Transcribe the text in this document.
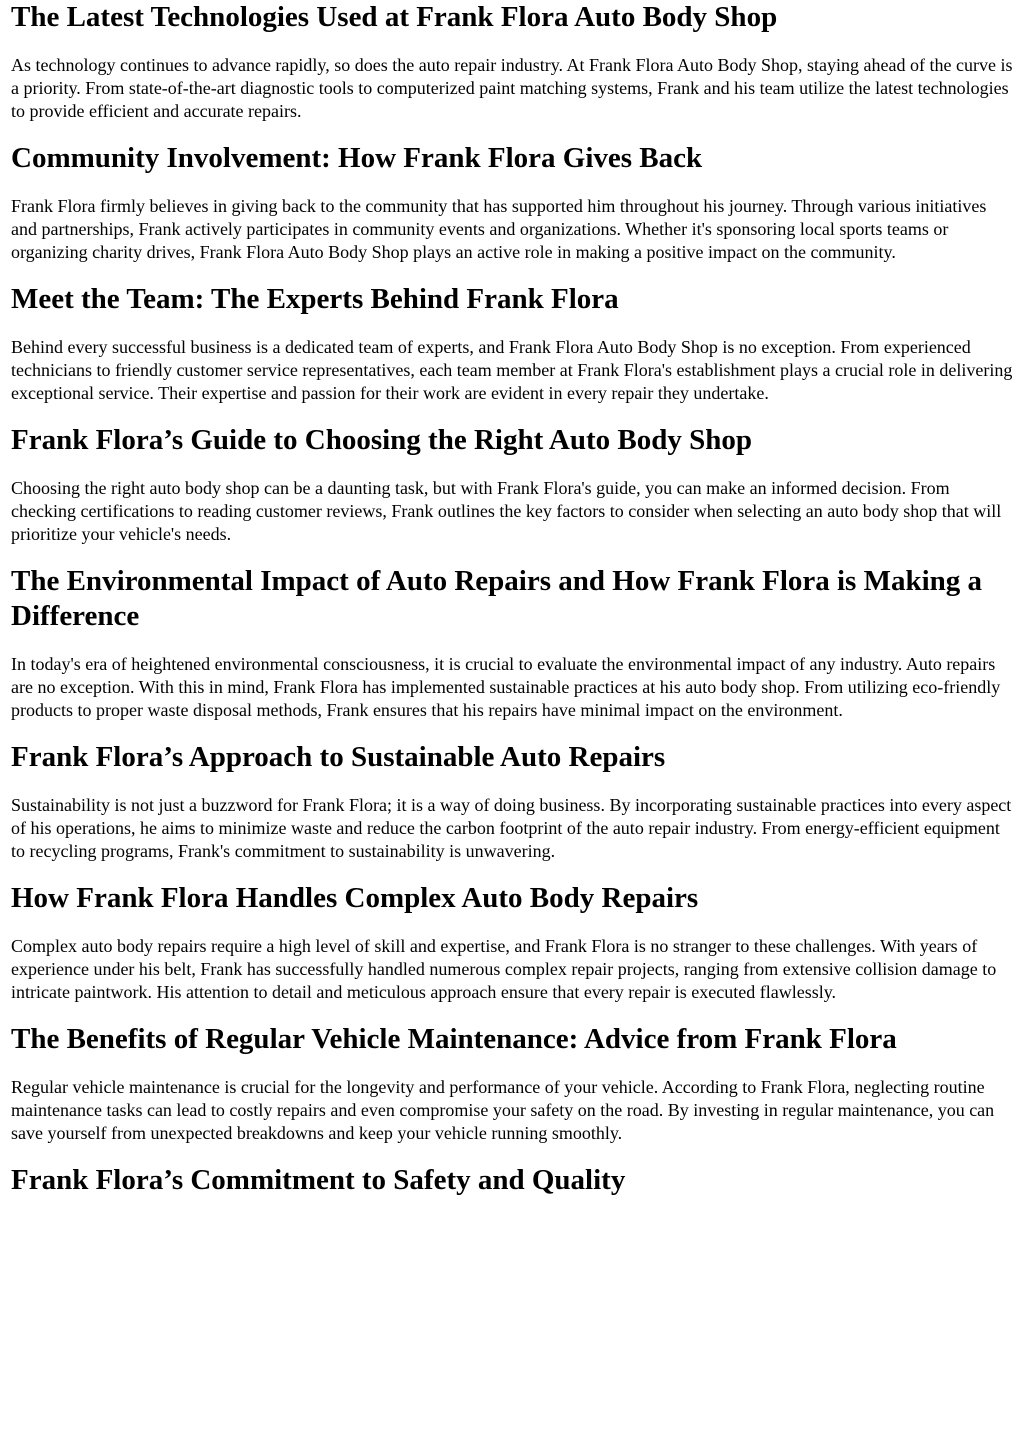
The Latest Technologies Used at Frank Flora Auto Body Shop

As technology continues to advance rapidly, so does the auto repair industry. At Frank Flora Auto Body Shop, staying ahead of the curve is a priority. From state-of-the-art diagnostic tools to computerized paint matching systems, Frank and his team utilize the latest technologies to provide efficient and accurate repairs.

Community Involvement: How Frank Flora Gives Back

Frank Flora firmly believes in giving back to the community that has supported him throughout his journey. Through various initiatives and partnerships, Frank actively participates in community events and organizations. Whether it's sponsoring local sports teams or organizing charity drives, Frank Flora Auto Body Shop plays an active role in making a positive impact on the community.

Meet the Team: The Experts Behind Frank Flora

Behind every successful business is a dedicated team of experts, and Frank Flora Auto Body Shop is no exception. From experienced technicians to friendly customer service representatives, each team member at Frank Flora's establishment plays a crucial role in delivering exceptional service. Their expertise and passion for their work are evident in every repair they undertake.

Frank Flora’s Guide to Choosing the Right Auto Body Shop

Choosing the right auto body shop can be a daunting task, but with Frank Flora's guide, you can make an informed decision. From checking certifications to reading customer reviews, Frank outlines the key factors to consider when selecting an auto body shop that will prioritize your vehicle's needs.

The Environmental Impact of Auto Repairs and How Frank Flora is Making a Difference

In today's era of heightened environmental consciousness, it is crucial to evaluate the environmental impact of any industry. Auto repairs are no exception. With this in mind, Frank Flora has implemented sustainable practices at his auto body shop. From utilizing eco-friendly products to proper waste disposal methods, Frank ensures that his repairs have minimal impact on the environment.

Frank Flora’s Approach to Sustainable Auto Repairs

Sustainability is not just a buzzword for Frank Flora; it is a way of doing business. By incorporating sustainable practices into every aspect of his operations, he aims to minimize waste and reduce the carbon footprint of the auto repair industry. From energy-efficient equipment to recycling programs, Frank's commitment to sustainability is unwavering.

How Frank Flora Handles Complex Auto Body Repairs

Complex auto body repairs require a high level of skill and expertise, and Frank Flora is no stranger to these challenges. With years of experience under his belt, Frank has successfully handled numerous complex repair projects, ranging from extensive collision damage to intricate paintwork. His attention to detail and meticulous approach ensure that every repair is executed flawlessly.

The Benefits of Regular Vehicle Maintenance: Advice from Frank Flora

Regular vehicle maintenance is crucial for the longevity and performance of your vehicle. According to Frank Flora, neglecting routine maintenance tasks can lead to costly repairs and even compromise your safety on the road. By investing in regular maintenance, you can save yourself from unexpected breakdowns and keep your vehicle running smoothly.

Frank Flora’s Commitment to Safety and Quality
